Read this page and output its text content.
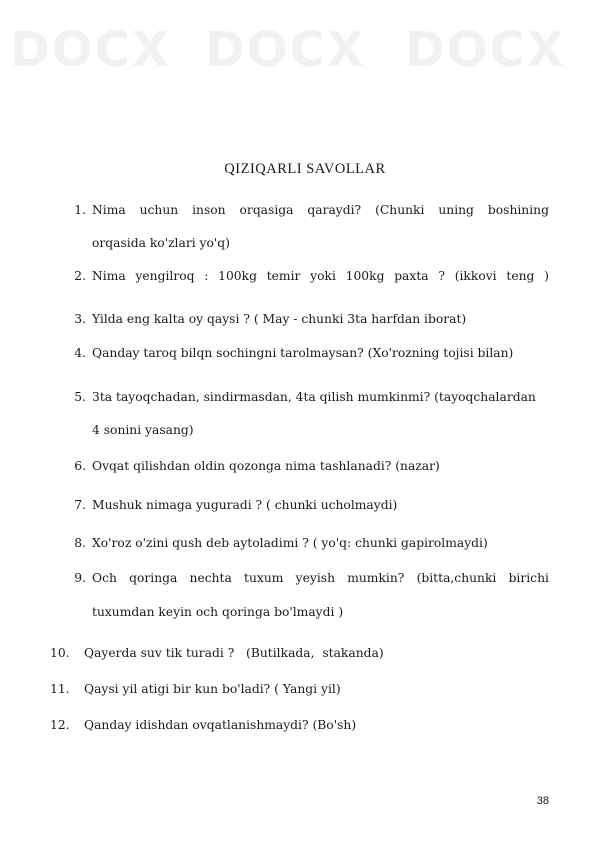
DOCX DOCX DOCX
QIZIQARLI SAVOLLAR
1. Nima uchun inson orqasiga qaraydi? (Chunki uning boshining
orqasida ko'zlari yo'q)
2. Nima yengilroq : 100kg temir yoki 100kg paxta ? (ikkovi teng )
3. Yilda eng kalta oy qaysi ? ( May - chunki 3ta harfdan iborat)
4. Qanday taroq bilqn sochingni tarolmaysan? (Xo'rozning tojisi bilan)
5. 3ta tayoqchadan, sindirmasdan, 4ta qilish mumkinmi? (tayoqchalardan
4 sonini yasang)
6. Ovqat qilishdan oldin qozonga nima tashlanadi? (nazar)
7. Mushuk nimaga yuguradi ? ( chunki ucholmaydi)
8. Xo'roz o'zini qush deb aytoladimi ? ( yo'q: chunki gapirolmaydi)
9. Och qoringa nechta tuxum yeyish mumkin? (bitta,chunki birichi
tuxumdan keyin och qoringa bo'lmaydi )
10.	Qayerda suv tik turadi ?   (Butilkada,  stakanda)
11.	Qaysi yil atigi bir kun bo'ladi? ( Yangi yil)
12.	Qanday idishdan ovqatlanishmaydi? (Bo'sh)
38
